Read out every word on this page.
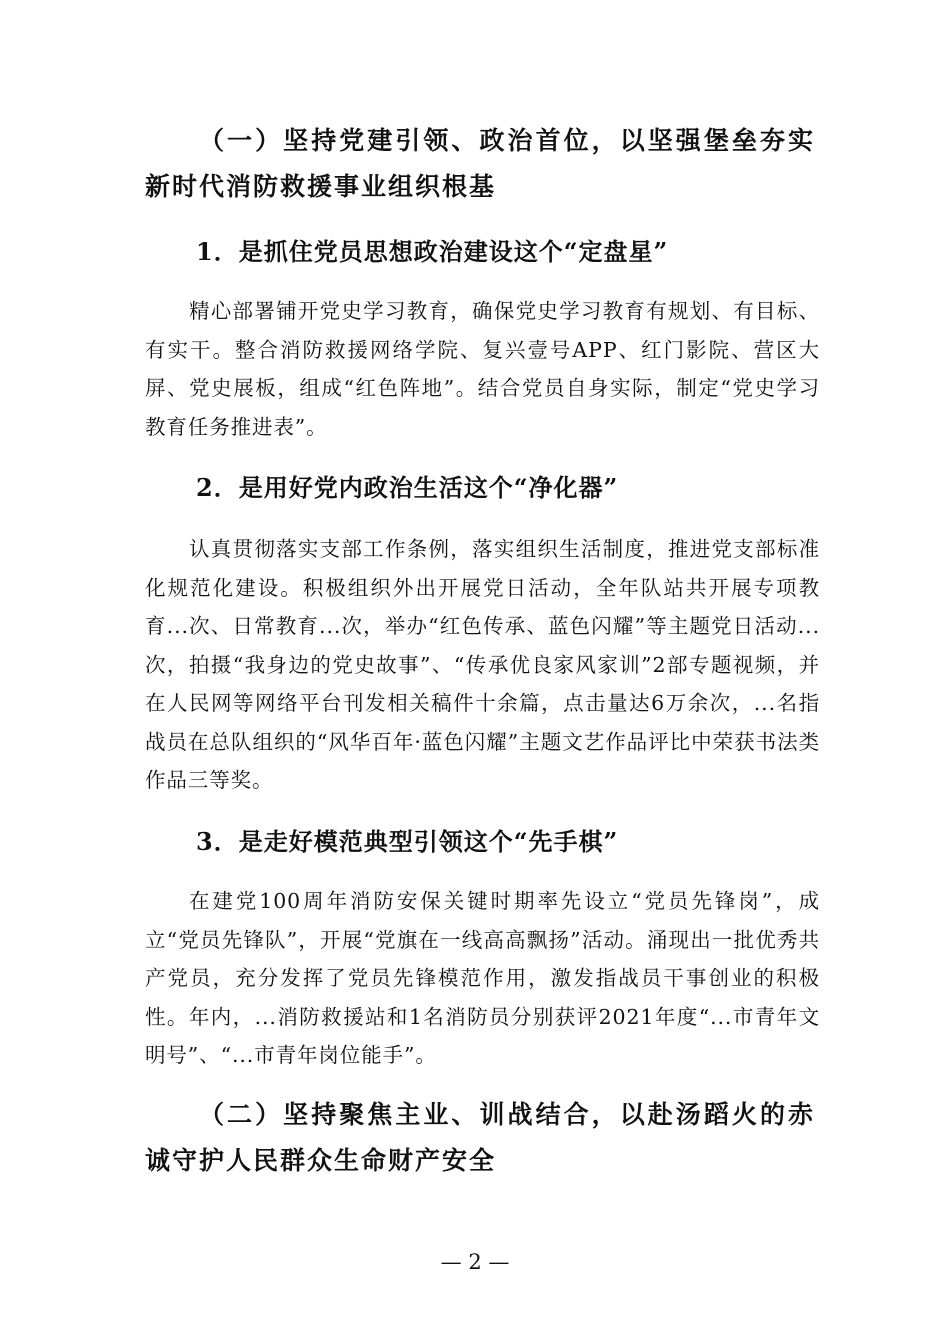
（一）坚持党建引领、政治首位，以坚强堡垒夯实新时代消防救援事业组织根基
1．是抓住党员思想政治建设这个“定盘星”
精心部署铺开党史学习教育，确保党史学习教育有规划、有目标、有实干。整合消防救援网络学院、复兴壹号APP、红门影院、营区大屏、党史展板，组成“红色阵地”。结合党员自身实际，制定“党史学习教育任务推进表”。
2．是用好党内政治生活这个“净化器”
认真贯彻落实支部工作条例，落实组织生活制度，推进党支部标准化规范化建设。积极组织外出开展党日活动，全年队站共开展专项教育...次、日常教育...次，举办“红色传承、蓝色闪耀”等主题党日活动...次，拍摄“我身边的党史故事”、“传承优良家风家训”2部专题视频，并在人民网等网络平台刊发相关稿件十余篇，点击量达6万余次，...名指战员在总队组织的“风华百年·蓝色闪耀”主题文艺作品评比中荣获书法类作品三等奖。
3．是走好模范典型引领这个“先手棋”
在建党100周年消防安保关键时期率先设立“党员先锋岗”，成立“党员先锋队”，开展“党旗在一线高高飘扬”活动。涌现出一批优秀共产党员，充分发挥了党员先锋模范作用，激发指战员干事创业的积极性。年内，...消防救援站和1名消防员分别获评2021年度“...市青年文明号”、“...市青年岗位能手”。
（二）坚持聚焦主业、训战结合，以赴汤蹈火的赤诚守护人民群众生命财产安全
— 2 —
